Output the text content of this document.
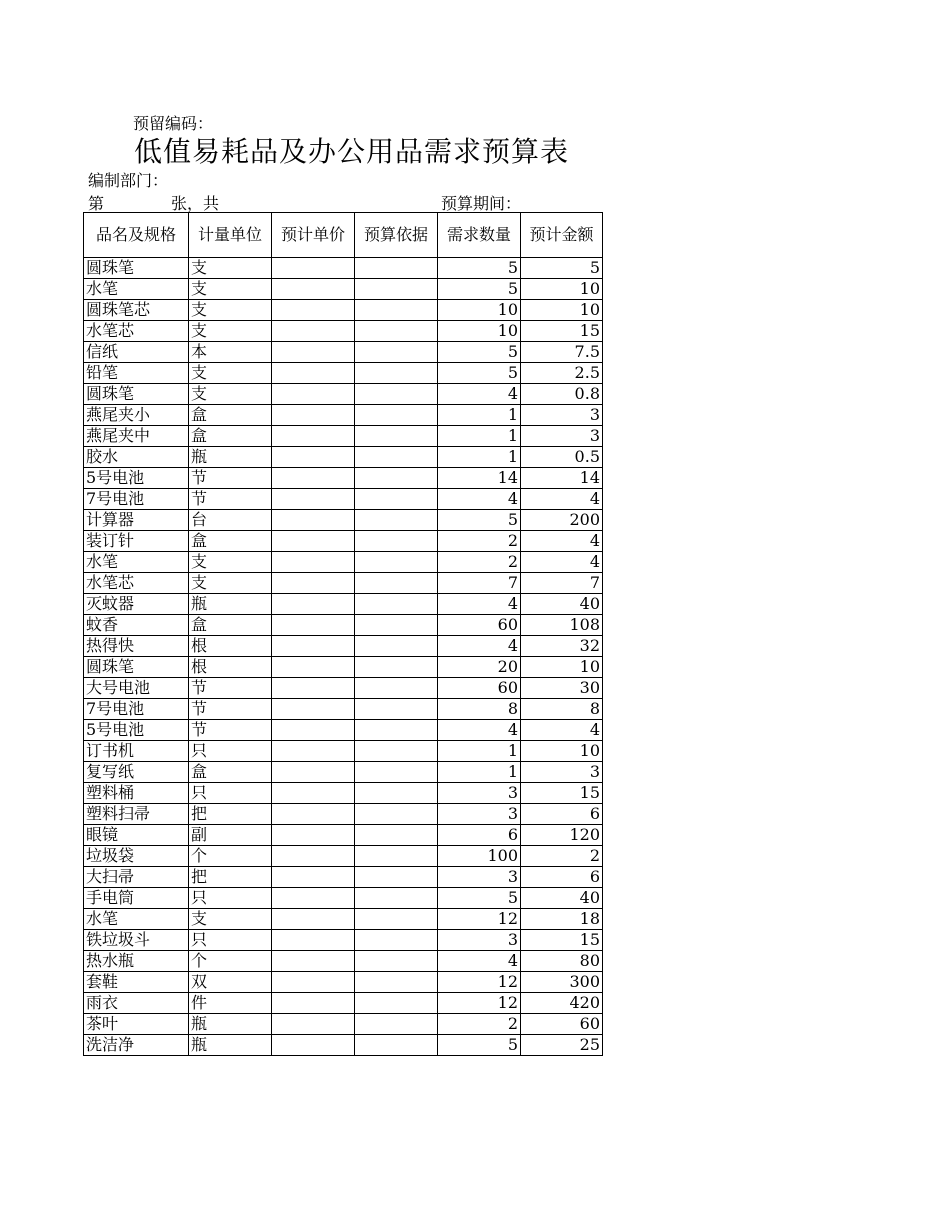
预留编码：
低值易耗品及办公用品需求预算表
编制部门：
第	张，共	预算期间：
品名及规格	计量单位	预计单价	预算依据	需求数量	预计金额
圆珠笔	支			5	5
水笔	支			5	10
圆珠笔芯	支			10	10
水笔芯	支			10	15
信纸	本			5	7.5
铅笔	支			5	2.5
圆珠笔	支			4	0.8
燕尾夹小	盒			1	3
燕尾夹中	盒			1	3
胶水	瓶			1	0.5
5号电池	节			14	14
7号电池	节			4	4
计算器	台			5	200
装订针	盒			2	4
水笔	支			2	4
水笔芯	支			7	7
灭蚊器	瓶			4	40
蚊香	盒			60	108
热得快	根			4	32
圆珠笔	根			20	10
大号电池	节			60	30
7号电池	节			8	8
5号电池	节			4	4
订书机	只			1	10
复写纸	盒			1	3
塑料桶	只			3	15
塑料扫帚	把			3	6
眼镜	副			6	120
垃圾袋	个			100	2
大扫帚	把			3	6
手电筒	只			5	40
水笔	支			12	18
铁垃圾斗	只			3	15
热水瓶	个			4	80
套鞋	双			12	300
雨衣	件			12	420
茶叶	瓶			2	60
洗洁净	瓶			5	25
